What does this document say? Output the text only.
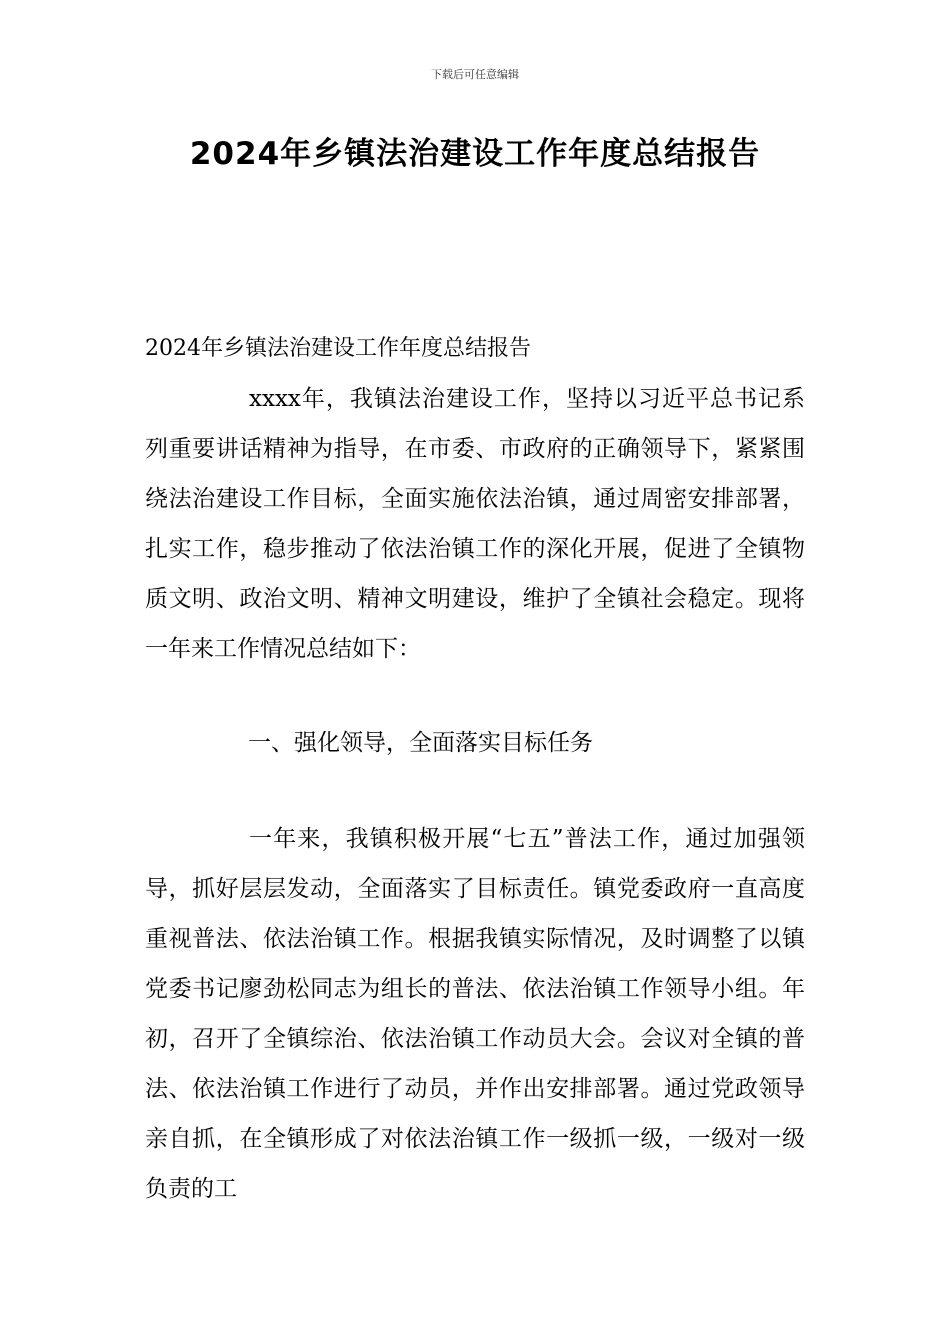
下载后可任意编辑
2024年乡镇法治建设工作年度总结报告

2024年乡镇法治建设工作年度总结报告

xxxx年，我镇法治建设工作，坚持以习近平总书记系列重要讲话精神为指导，在市委、市政府的正确领导下，紧紧围绕法治建设工作目标，全面实施依法治镇，通过周密安排部署，扎实工作，稳步推动了依法治镇工作的深化开展，促进了全镇物质文明、政治文明、精神文明建设，维护了全镇社会稳定。现将一年来工作情况总结如下：

一、强化领导，全面落实目标任务

一年来，我镇积极开展“七五”普法工作，通过加强领导，抓好层层发动，全面落实了目标责任。镇党委政府一直高度重视普法、依法治镇工作。根据我镇实际情况，及时调整了以镇党委书记廖劲松同志为组长的普法、依法治镇工作领导小组。年初，召开了全镇综治、依法治镇工作动员大会。会议对全镇的普法、依法治镇工作进行了动员，并作出安排部署。通过党政领导亲自抓，在全镇形成了对依法治镇工作一级抓一级，一级对一级负责的工
